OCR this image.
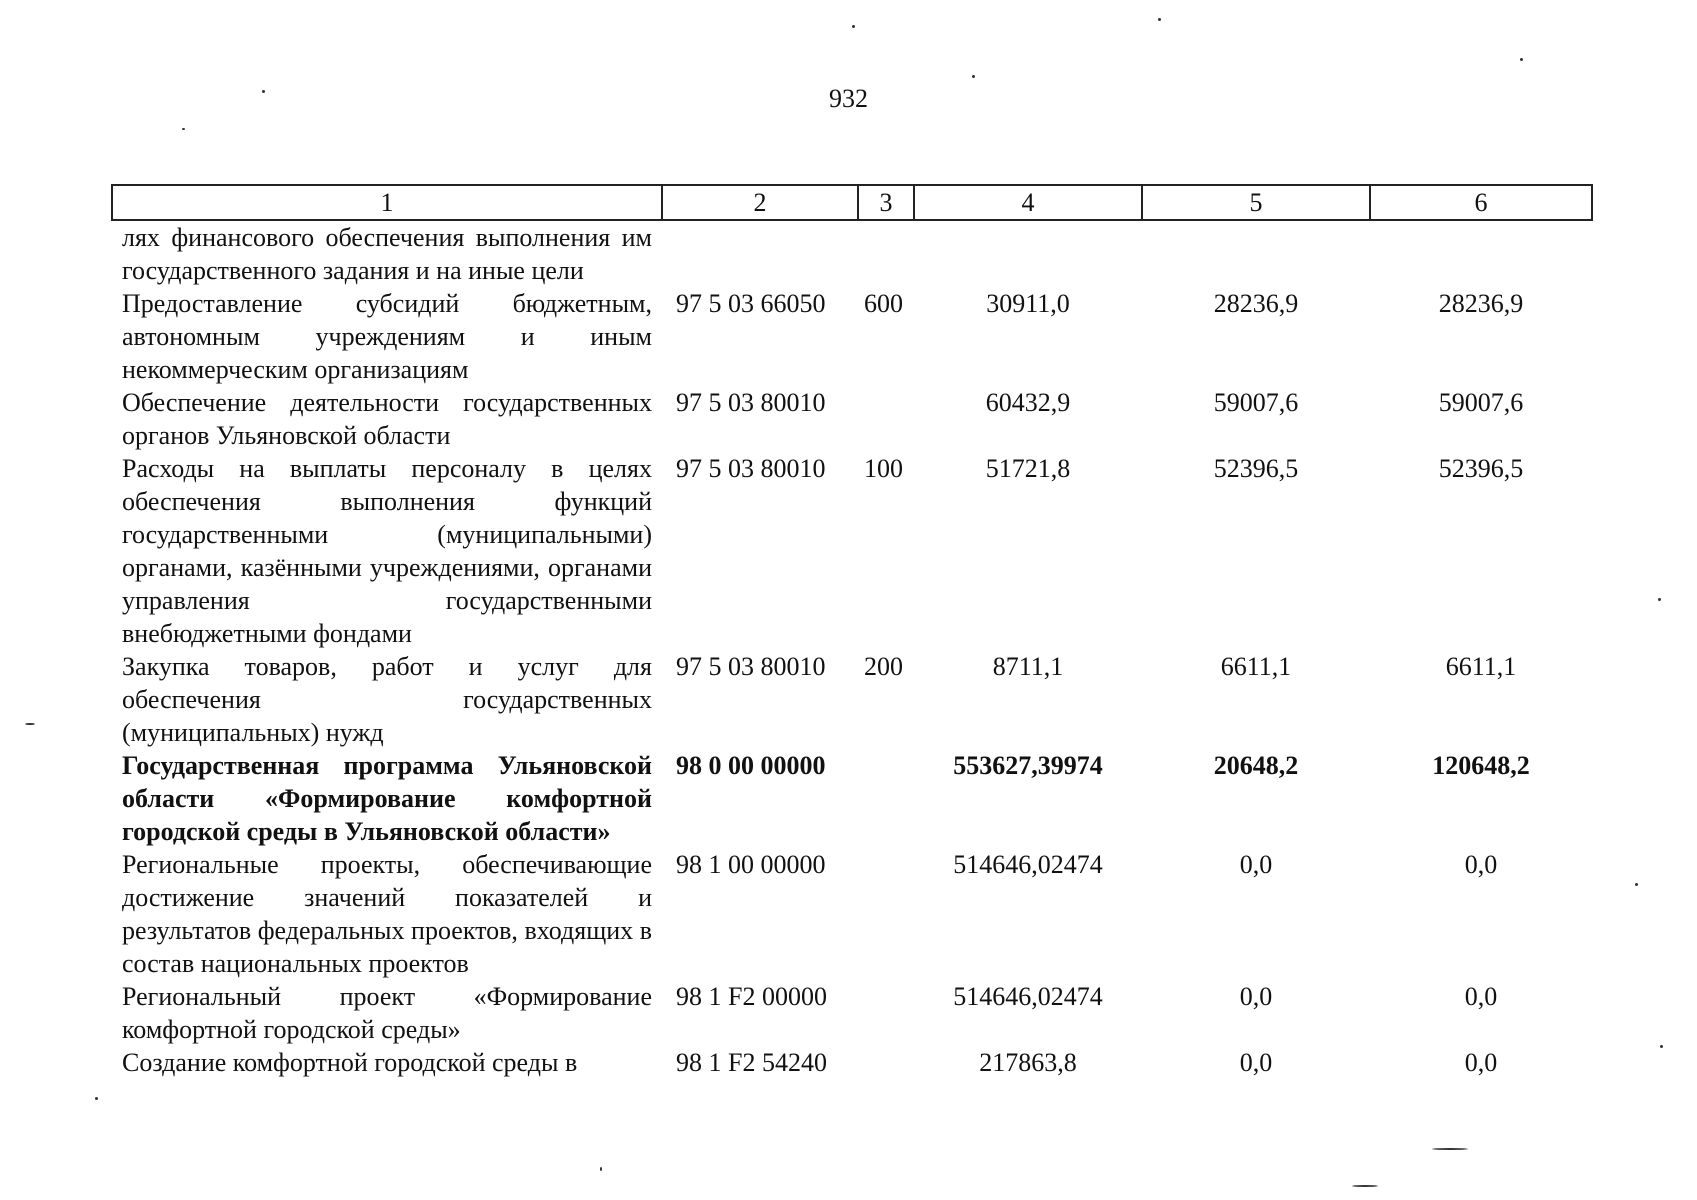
932
1	2	3	4	5	6
лях финансового обеспечения выполнения им государственного задания и на иные цели					
Предоставление субсидий бюджетным, автономным учреждениям и иным некоммерческим организациям	97 5 03 66050	600	30911,0	28236,9	28236,9
Обеспечение деятельности государственных органов Ульяновской области	97 5 03 80010		60432,9	59007,6	59007,6
Расходы на выплаты персоналу в целях обеспечения выполнения функций государственными (муниципальными) органами, казёнными учреждениями, органами управления государственными внебюджетными фондами	97 5 03 80010	100	51721,8	52396,5	52396,5
Закупка товаров, работ и услуг для обеспечения государственных (муниципальных) нужд	97 5 03 80010	200	8711,1	6611,1	6611,1
Государственная программа Ульяновской области «Формирование комфортной городской среды в Ульяновской области»	98 0 00 00000		553627,39974	20648,2	120648,2
Региональные проекты, обеспечивающие достижение значений показателей и результатов федеральных проектов, входящих в состав национальных проектов	98 1 00 00000		514646,02474	0,0	0,0
Региональный проект «Формирование комфортной городской среды»	98 1 F2 00000		514646,02474	0,0	0,0
Создание комфортной городской среды в	98 1 F2 54240		217863,8	0,0	0,0
